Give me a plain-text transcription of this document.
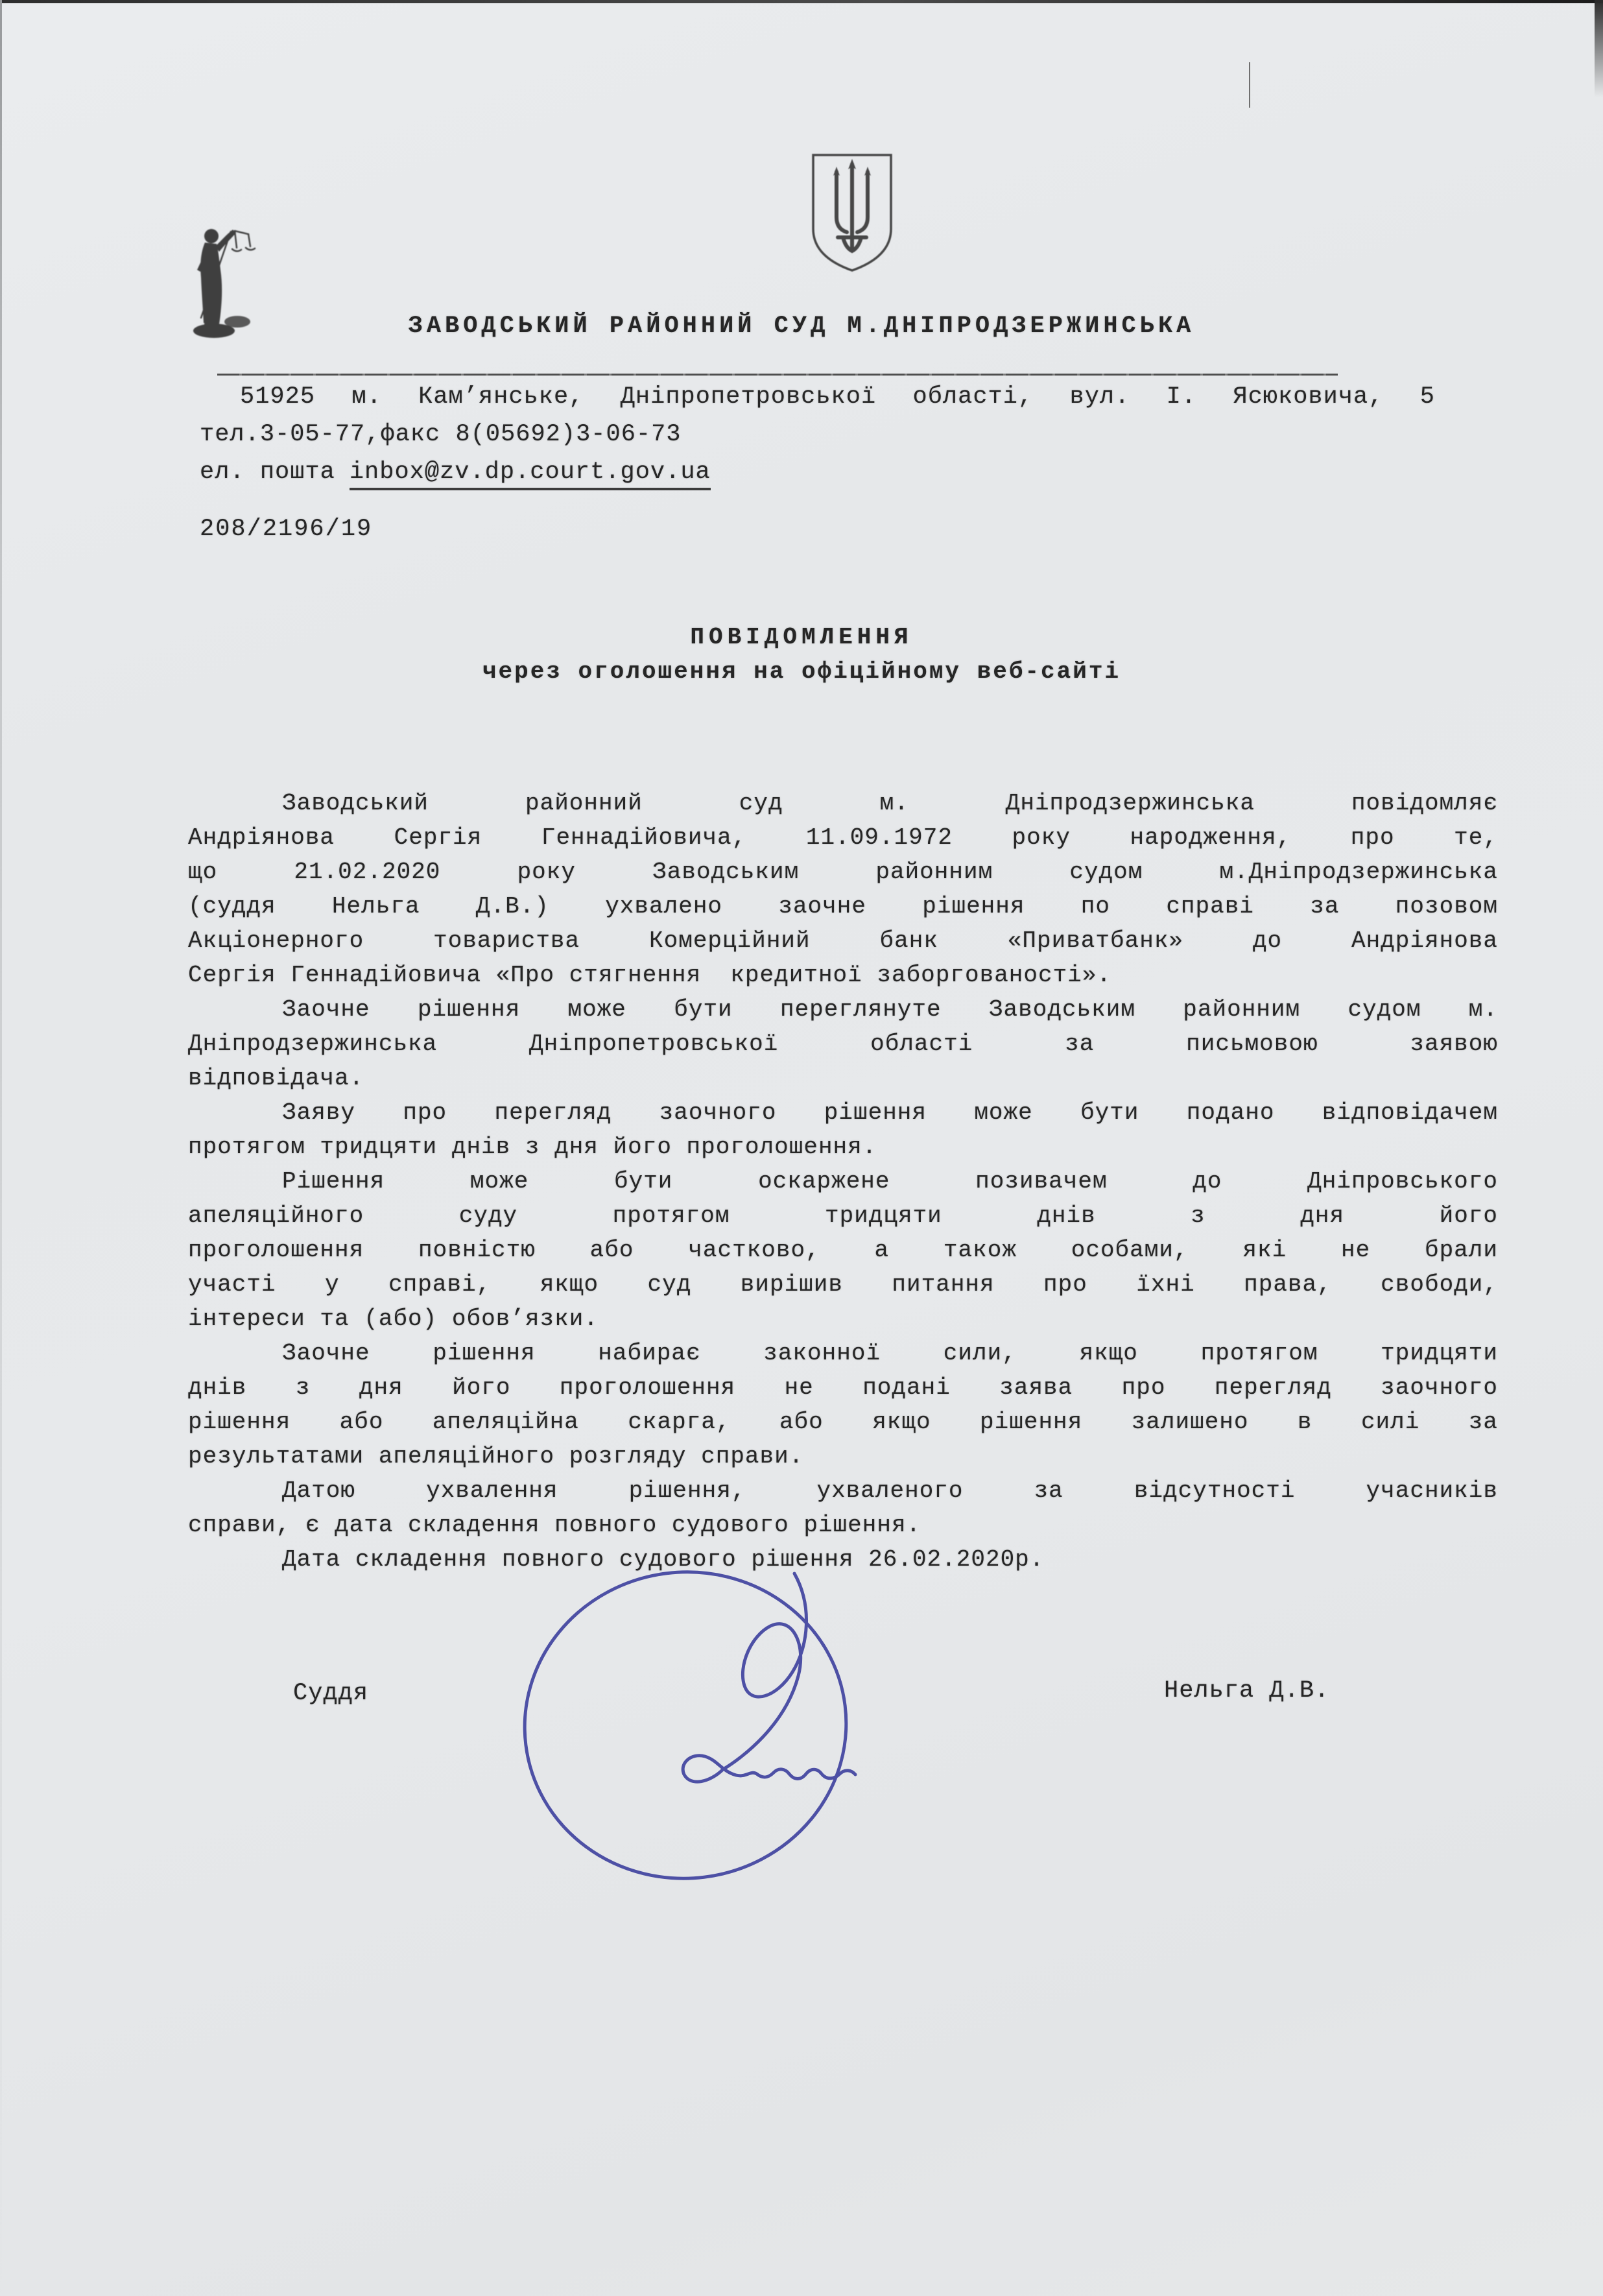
ЗАВОДСЬКИЙ РАЙОННИЙ СУД М.ДНІПРОДЗЕРЖИНСЬКА
51925 м. Кам’янське, Дніпропетровської області, вул. І. Ясюковича, 5
тел.3-05-77,факс 8(05692)3-06-73
ел. пошта inbox@zv.dp.court.gov.ua
208/2196/19
ПОВІДОМЛЕННЯ
через оголошення на офіційному веб-сайті
Заводський районний суд м. Дніпродзержинська повідомляє
Андріянова Сергія Геннадійовича, 11.09.1972 року народження, про те,
що 21.02.2020 року Заводським районним судом м.Дніпродзержинська
(суддя Нельга Д.В.) ухвалено заочне рішення по справі за позовом
Акціонерного товариства Комерційний банк «Приватбанк» до Андріянова
Сергія Геннадійовича «Про стягнення  кредитної заборгованості».
Заочне рішення може бути переглянуте Заводським районним судом м.
Дніпродзержинська Дніпропетровської області за письмовою заявою
відповідача.
Заяву про перегляд заочного рішення може бути подано відповідачем
протягом тридцяти днів з дня його проголошення.
Рішення може бути оскаржене позивачем до Дніпровського
апеляційного суду протягом тридцяти днів з дня його
проголошення повністю або частково, а також особами, які не брали
участі у справі, якщо суд вирішив питання про їхні права, свободи,
інтереси та (або) обов’язки.
Заочне рішення набирає законної сили, якщо протягом тридцяти
днів з дня його проголошення не подані заява про перегляд заочного
рішення або апеляційна скарга, або якщо рішення залишено в силі за
результатами апеляційного розгляду справи.
Датою ухвалення рішення, ухваленого за відсутності учасників
справи, є дата складення повного судового рішення.
Дата складення повного судового рішення 26.02.2020р.
Суддя	Нельга Д.В.
